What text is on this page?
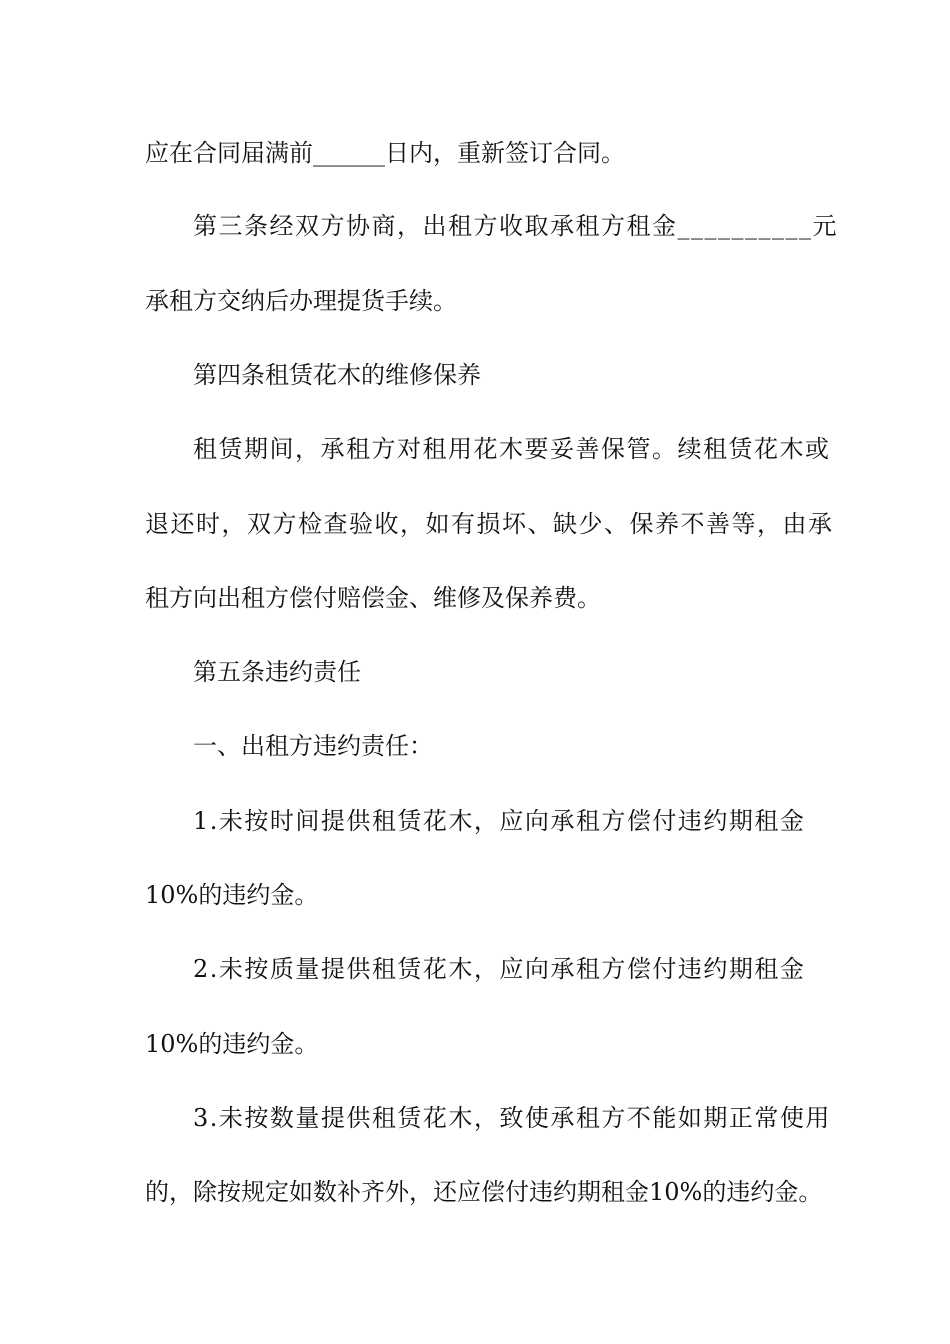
应在合同届满前______日内，重新签订合同。
第三条经双方协商，出租方收取承租方租金__________元
承租方交纳后办理提货手续。
第四条租赁花木的维修保养
租赁期间，承租方对租用花木要妥善保管。续租赁花木或
退还时，双方检查验收，如有损坏、缺少、保养不善等，由承
租方向出租方偿付赔偿金、维修及保养费。
第五条违约责任
一、出租方违约责任：
1.未按时间提供租赁花木，应向承租方偿付违约期租金
10%的违约金。
2.未按质量提供租赁花木，应向承租方偿付违约期租金
10%的违约金。
3.未按数量提供租赁花木，致使承租方不能如期正常使用
的，除按规定如数补齐外，还应偿付违约期租金10%的违约金。
